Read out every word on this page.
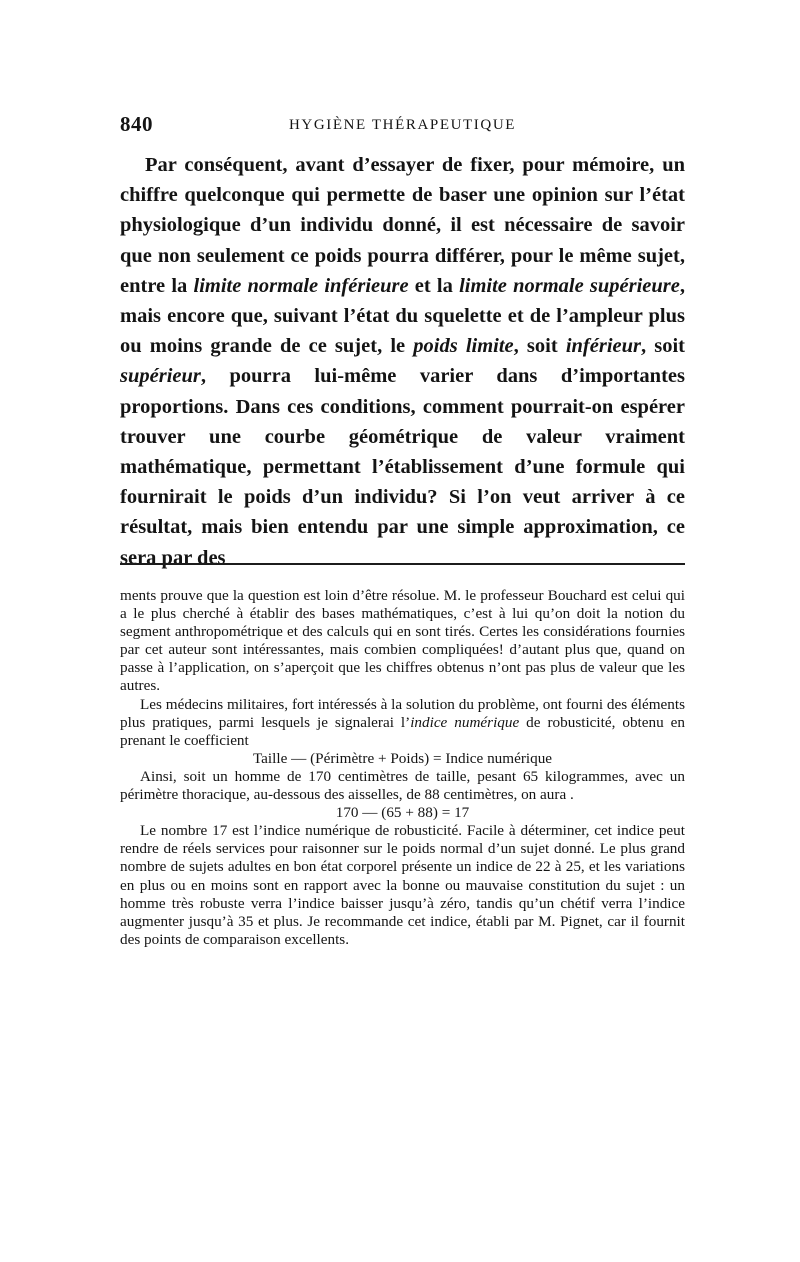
840	HYGIÈNE THÉRAPEUTIQUE

Par conséquent, avant d’essayer de fixer, pour mémoire, un chiffre quelconque qui permette de baser une opinion sur l’état physiologique d’un individu donné, il est nécessaire de savoir que non seulement ce poids pourra différer, pour le même sujet, entre la limite normale inférieure et la limite normale supérieure, mais encore que, suivant l’état du squelette et de l’ampleur plus ou moins grande de ce sujet, le poids limite, soit inférieur, soit supérieur, pourra lui-même varier dans d’importantes proportions. Dans ces conditions, comment pourrait-on espérer trouver une courbe géométrique de valeur vraiment mathématique, permettant l’établissement d’une formule qui fournirait le poids d’un individu? Si l’on veut arriver à ce résultat, mais bien entendu par une simple approximation, ce sera par des

ments prouve que la question est loin d’être résolue. M. le professeur Bouchard est celui qui a le plus cherché à établir des bases mathématiques, c’est à lui qu’on doit la notion du segment anthropométrique et des calculs qui en sont tirés. Certes les considérations fournies par cet auteur sont intéressantes, mais combien compliquées! d’autant plus que, quand on passe à l’application, on s’aperçoit que les chiffres obtenus n’ont pas plus de valeur que les autres.

Les médecins militaires, fort intéressés à la solution du problème, ont fourni des éléments plus pratiques, parmi lesquels je signalerai l’indice numérique de robusticité, obtenu en prenant le coefficient

Taille — (Périmètre + Poids) = Indice numérique

Ainsi, soit un homme de 170 centimètres de taille, pesant 65 kilogrammes, avec un périmètre thoracique, au-dessous des aisselles, de 88 centimètres, on aura .

170 — (65 + 88) = 17

Le nombre 17 est l’indice numérique de robusticité. Facile à déterminer, cet indice peut rendre de réels services pour raisonner sur le poids normal d’un sujet donné. Le plus grand nombre de sujets adultes en bon état corporel présente un indice de 22 à 25, et les variations en plus ou en moins sont en rapport avec la bonne ou mauvaise constitution du sujet : un homme très robuste verra l’indice baisser jusqu’à zéro, tandis qu’un chétif verra l’indice augmenter jusqu’à 35 et plus. Je recommande cet indice, établi par M. Pignet, car il fournit des points de comparaison excellents.
